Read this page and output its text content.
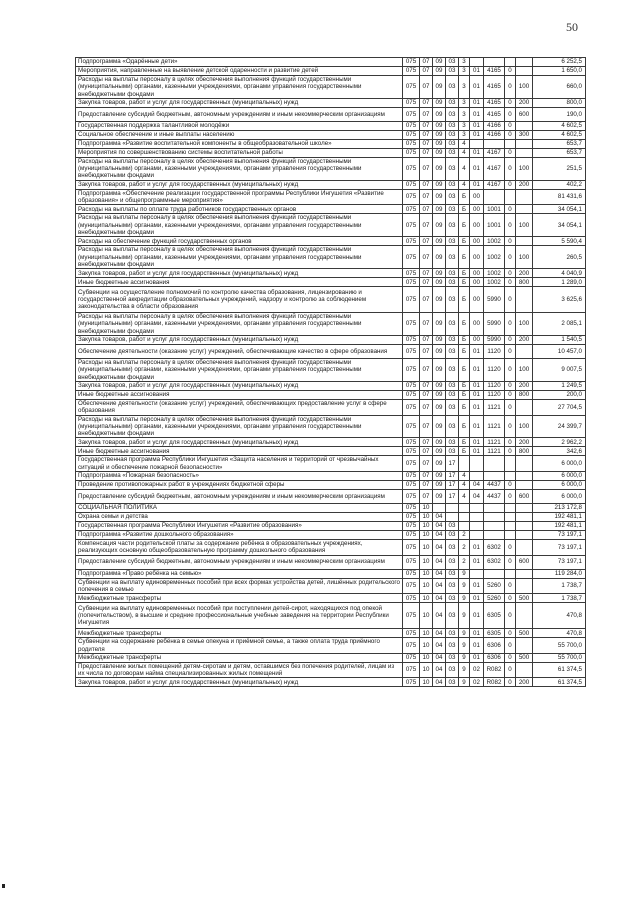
50
Подпрограмма «Одарённые дети»	075	07	09	03	3					6 252,5
Мероприятия, направленные на выявление детской одаренности и развитие детей	075	07	09	03	3	01	4165	0		1 650,0
Расходы на выплаты персоналу в целях обеспечения выполнения функций государственными (муниципальными) органами, казенными учреждениями, органами управления государственными внебюджетными фондами	075	07	09	03	3	01	4165	0	100	660,0
Закупка товаров, работ и услуг для государственных (муниципальных) нужд	075	07	09	03	3	01	4165	0	200	800,0
Предоставление субсидий бюджетным, автономным учреждениям и иным некоммерческим организациям	075	07	09	03	3	01	4165	0	600	190,0
Государственная поддержка талантливой молодёжи	075	07	09	03	3	01	4166	0		4 602,5
Социальное обеспечение и иные выплаты населению	075	07	09	03	3	01	4166	0	300	4 602,5
Подпрограмма «Развитие воспитательной компоненты в общеобразовательной школе»	075	07	09	03	4					653,7
Мероприятия по совершенствованию системы воспитательной работы	075	07	09	03	4	01	4167	0		653,7
Расходы на выплаты персоналу в целях обеспечения выполнения функций государственными (муниципальными) органами, казенными учреждениями, органами управления государственными внебюджетными фондами	075	07	09	03	4	01	4167	0	100	251,5
Закупка товаров, работ и услуг для государственных (муниципальных) нужд	075	07	09	03	4	01	4167	0	200	402,2
Подпрограмма «Обеспечение реализации государственной программы Республики Ингушетия «Развитие образования» и общепрограммные мероприятия»	075	07	09	03	Б	00				81 431,6
Расходы на выплаты по оплате труда работников государственных органов	075	07	09	03	Б	00	1001	0		34 054,1
Расходы на выплаты персоналу в целях обеспечения выполнения функций государственными (муниципальными) органами, казенными учреждениями, органами управления государственными внебюджетными фондами	075	07	09	03	Б	00	1001	0	100	34 054,1
Расходы на обеспечение функций государственных органов	075	07	09	03	Б	00	1002	0		5 590,4
Расходы на выплаты персоналу в целях обеспечения выполнения функций государственными (муниципальными) органами, казенными учреждениями, органами управления государственными внебюджетными фондами	075	07	09	03	Б	00	1002	0	100	260,5
Закупка товаров, работ и услуг для государственных (муниципальных) нужд	075	07	09	03	Б	00	1002	0	200	4 040,9
Иные бюджетные ассигнования	075	07	09	03	Б	00	1002	0	800	1 289,0
Субвенции на осуществление полномочий по контролю качества образования, лицензированию и государственной аккредитации образовательных учреждений, надзору и контролю за соблюдением законодательства в области образования	075	07	09	03	Б	00	5990	0		3 625,6
Расходы на выплаты персоналу в целях обеспечения выполнения функций государственными (муниципальными) органами, казенными учреждениями, органами управления государственными внебюджетными фондами	075	07	09	03	Б	00	5990	0	100	2 085,1
Закупка товаров, работ и услуг для государственных (муниципальных) нужд	075	07	09	03	Б	00	5990	0	200	1 540,5
Обеспечение деятельности (оказание услуг) учреждений, обеспечивающие качество в сфере образования	075	07	09	03	Б	01	1120	0		10 457,0
Расходы на выплаты персоналу в целях обеспечения выполнения функций государственными (муниципальными) органами, казенными учреждениями, органами управления государственными внебюджетными фондами	075	07	09	03	Б	01	1120	0	100	9 007,5
Закупка товаров, работ и услуг для государственных (муниципальных) нужд	075	07	09	03	Б	01	1120	0	200	1 249,5
Иные бюджетные ассигнования	075	07	09	03	Б	01	1120	0	800	200,0
Обеспечение деятельности (оказание услуг) учреждений, обеспечивающих предоставление услуг в сфере образования	075	07	09	03	Б	01	1121	0		27 704,5
Расходы на выплаты персоналу в целях обеспечения выполнения функций государственными (муниципальными) органами, казенными учреждениями, органами управления государственными внебюджетными фондами	075	07	09	03	Б	01	1121	0	100	24 399,7
Закупка товаров, работ и услуг для государственных (муниципальных) нужд	075	07	09	03	Б	01	1121	0	200	2 962,2
Иные бюджетные ассигнования	075	07	09	03	Б	01	1121	0	800	342,6
Государственная программа Республики Ингушетия «Защита населения и территорий от чрезвычайных ситуаций и обеспечение пожарной безопасности»	075	07	09	17						6 000,0
Подпрограмма «Пожарная безопасность»	075	07	09	17	4					6 000,0
Проведение противопожарных работ в учреждениях бюджетной сферы	075	07	09	17	4	04	4437	0		6 000,0
Предоставление субсидий бюджетным, автономным учреждениям и иным некоммерческим организациям	075	07	09	17	4	04	4437	0	600	6 000,0
СОЦИАЛЬНАЯ ПОЛИТИКА	075	10								213 172,8
Охрана семьи и детства	075	10	04							192 481,1
Государственная программа Республики Ингушетия «Развитие образования»	075	10	04	03						192 481,1
Подпрограмма «Развитие дошкольного образования»	075	10	04	03	2					73 197,1
Компенсация части родительской платы за содержание ребёнка в образовательных учреждениях, реализующих основную общеобразовательную программу дошкольного образования	075	10	04	03	2	01	6302	0		73 197,1
Предоставление субсидий бюджетным, автономным учреждениям и иным некоммерческим организациям	075	10	04	03	2	01	6302	0	600	73 197,1
Подпрограмма «Право ребёнка на семью»	075	10	04	03	9					119 284,0
Субвенции на выплату единовременных пособий при всех формах устройства детей, лишённых родительского попечения в семью	075	10	04	03	9	01	5260	0		1 738,7
Межбюджетные трансферты	075	10	04	03	9	01	5260	0	500	1 738,7
Субвенции на выплату единовременных пособий при поступлении детей-сирот, находящихся под опекой (попечительством), в высшие и средние профессиональные учебные заведения на территории Республики Ингушетия	075	10	04	03	9	01	6305	0		470,8
Межбюджетные трансферты	075	10	04	03	9	01	6305	0	500	470,8
Субвенции на содержание ребёнка в семье опекуна и приёмной семье, а также оплата труда приёмного родителя	075	10	04	03	9	01	6306	0		55 700,0
Межбюджетные трансферты	075	10	04	03	9	01	6306	0	500	55 700,0
Предоставление жилых помещений детям-сиротам и детям, оставшимся без попечения родителей, лицам из их числа по договорам найма специализированных жилых помещений	075	10	04	03	9	02	R082	0		61 374,5
Закупка товаров, работ и услуг для государственных (муниципальных) нужд	075	10	04	03	9	02	R082	0	200	61 374,5
